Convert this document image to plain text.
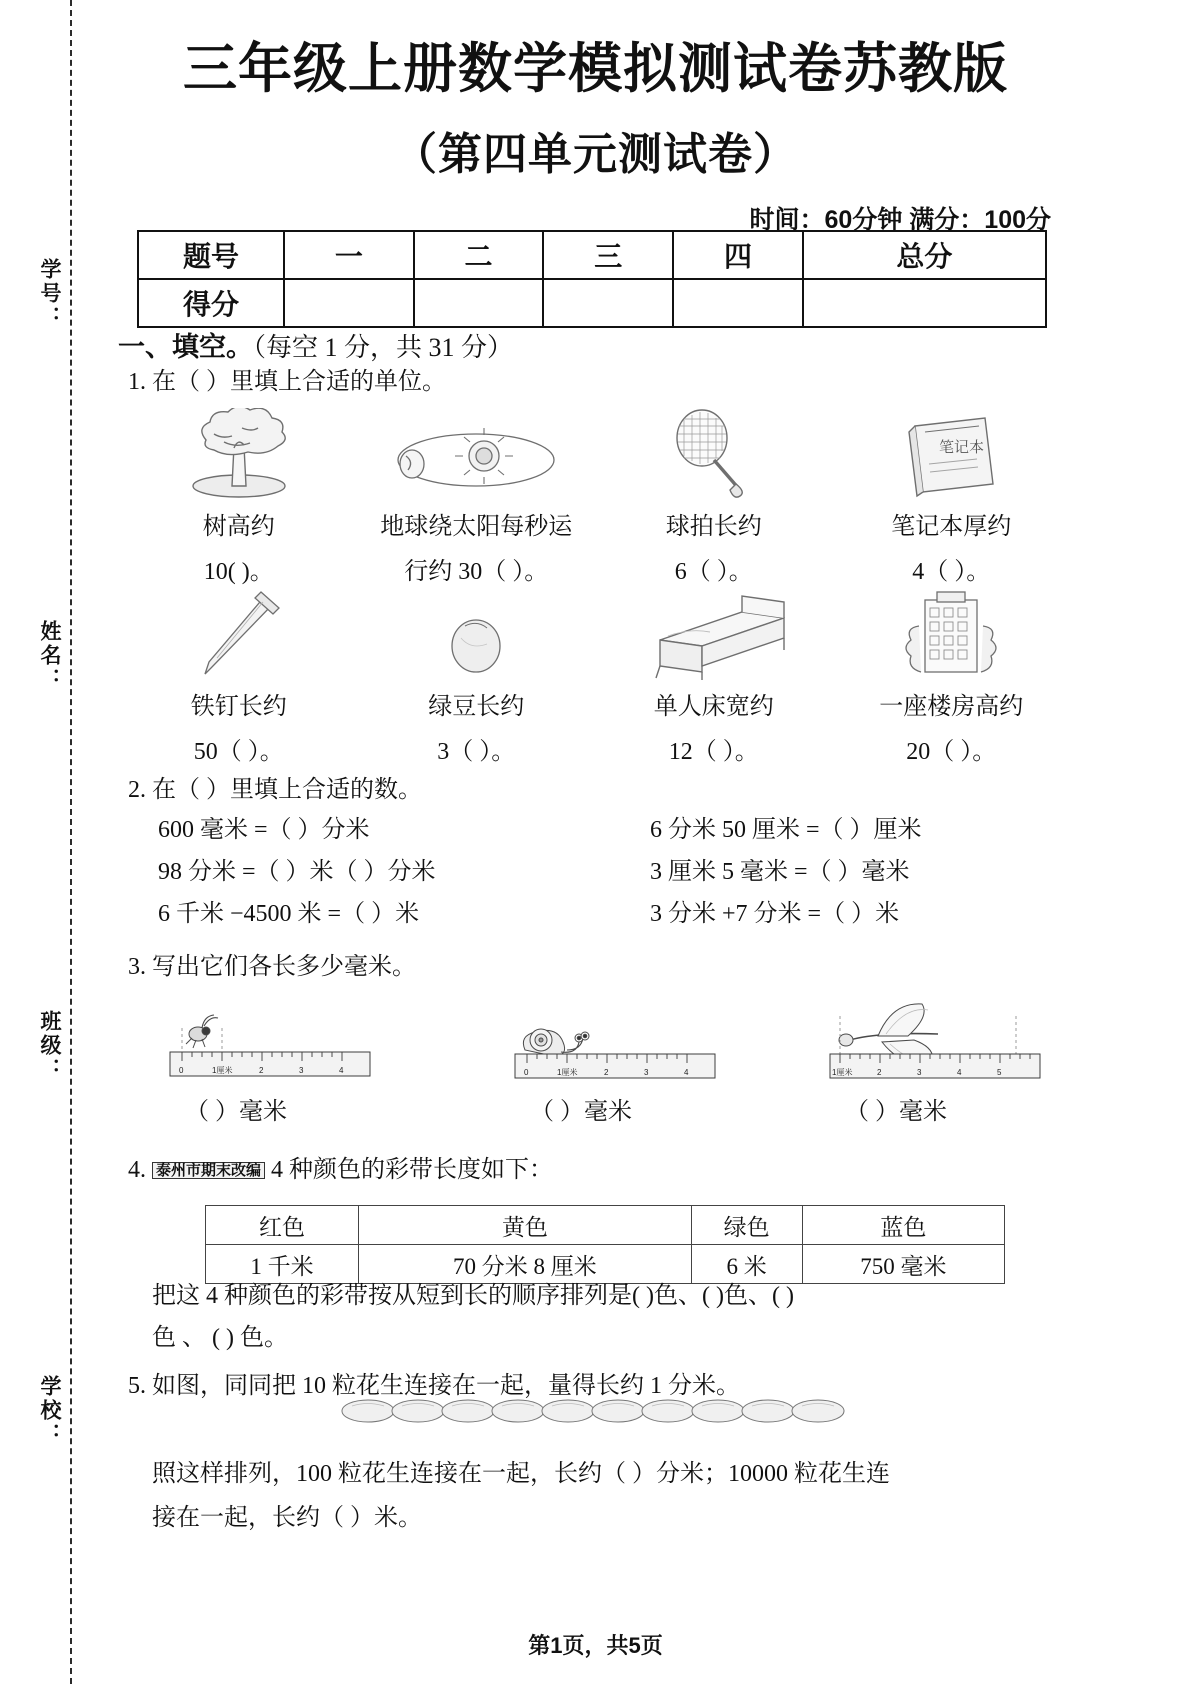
学号：
姓名：
班级：
学校：
三年级上册数学模拟测试卷苏教版
（第四单元测试卷）
时间：60分钟 满分：100分
题号	一	二	三	四	总分
得分					
一、填空。（每空 1 分，共 31 分）
1. 在（ ）里填上合适的单位。
树高约
10( )。
地球绕太阳每秒运
行约 30（ ）。
球拍长约
6（ ）。
笔记本
笔记本厚约
4（ ）。
铁钉长约
50（ ）。
绿豆长约
3（ ）。
单人床宽约
12（ ）。
一座楼房高约
20（ ）。
2. 在（ ）里填上合适的数。
600 毫米 =（ ）分米	6 分米 50 厘米 =（ ）厘米
98 分米 =（ ）米（ ）分米	3 厘米 5 毫米 =（ ）毫米
6 千米 −4500 米 =（ ）米	3 分米 +7 分米 =（ ）米
3. 写出它们各长多少毫米。
0	1厘米	2	3	4
（ ）毫米
0	1厘米	2	3	4
（ ）毫米
1厘米	2	3	4	5
（ ）毫米
4. 泰州市期末改编 4 种颜色的彩带长度如下：
红色	黄色	绿色	蓝色
1 千米	70 分米 8 厘米	6 米	750 毫米
把这 4 种颜色的彩带按从短到长的顺序排列是( )色、( )色、( )
色 、 ( ) 色。
5. 如图，同同把 10 粒花生连接在一起，量得长约 1 分米。
照这样排列，100 粒花生连接在一起，长约（ ）分米；10000 粒花生连
接在一起，长约（ ）米。
第1页，共5页
